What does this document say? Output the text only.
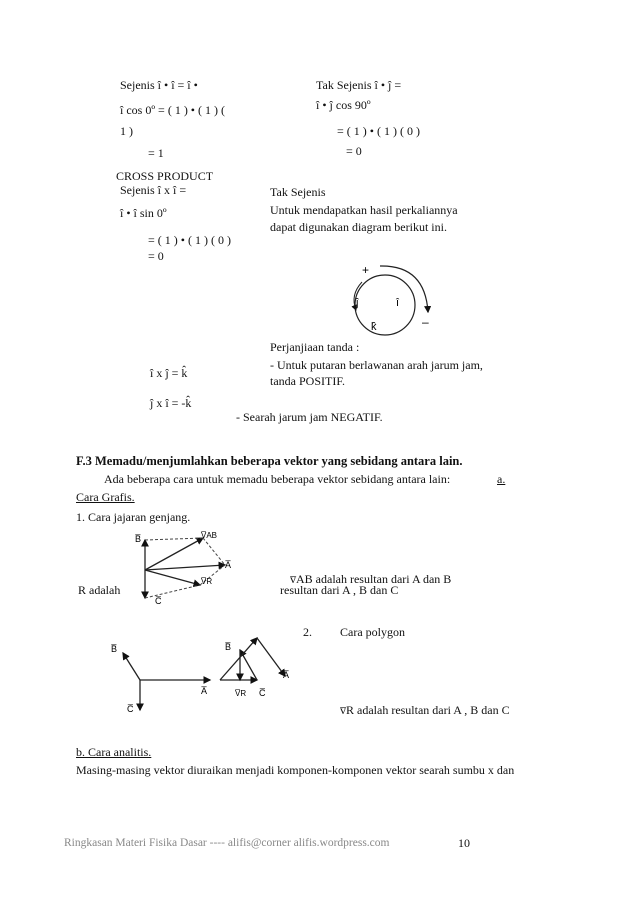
Sejenis î • î = î •
î cos 0º = ( 1 ) • ( 1 ) (
1 )
= 1
Tak Sejenis î • ĵ =
î • ĵ cos 90º
= ( 1 ) • ( 1 ) ( 0 )
= 0
CROSS PRODUCT
Sejenis î x î =
î • î sin 0º
= ( 1 ) • ( 1 ) ( 0 )
= 0
Tak Sejenis
Untuk mendapatkan hasil perkaliannya
dapat digunakan diagram berikut ini.
+
–
ĵ	î
k̂
Perjanjiaan tanda :
- Untuk putaran berlawanan arah jarum jam,
tanda POSITIF.
î x ĵ = k̂
ĵ x î = -k̂
- Searah jarum jam NEGATIF.
F.3 Memadu/menjumlahkan beberapa vektor yang sebidang antara lain.
Ada beberapa cara untuk memadu beberapa vektor sebidang antara lain:	a.
Cara Grafis.
1. Cara jajaran genjang.
B̅	V̅AB
A̅
V̅R
C̅
v̅AB adalah resultan dari A dan B
R adalah	resultan dari A , B dan C
2. Cara polygon
B̅
A̅
C̅
B̅
A̅
V̅R C̅
v̅R adalah resultan dari A , B dan C
b. Cara analitis.
Masing-masing vektor diuraikan menjadi komponen-komponen vektor searah sumbu x dan
Ringkasan Materi Fisika Dasar ---- alifis@corner alifis.wordpress.com	10
